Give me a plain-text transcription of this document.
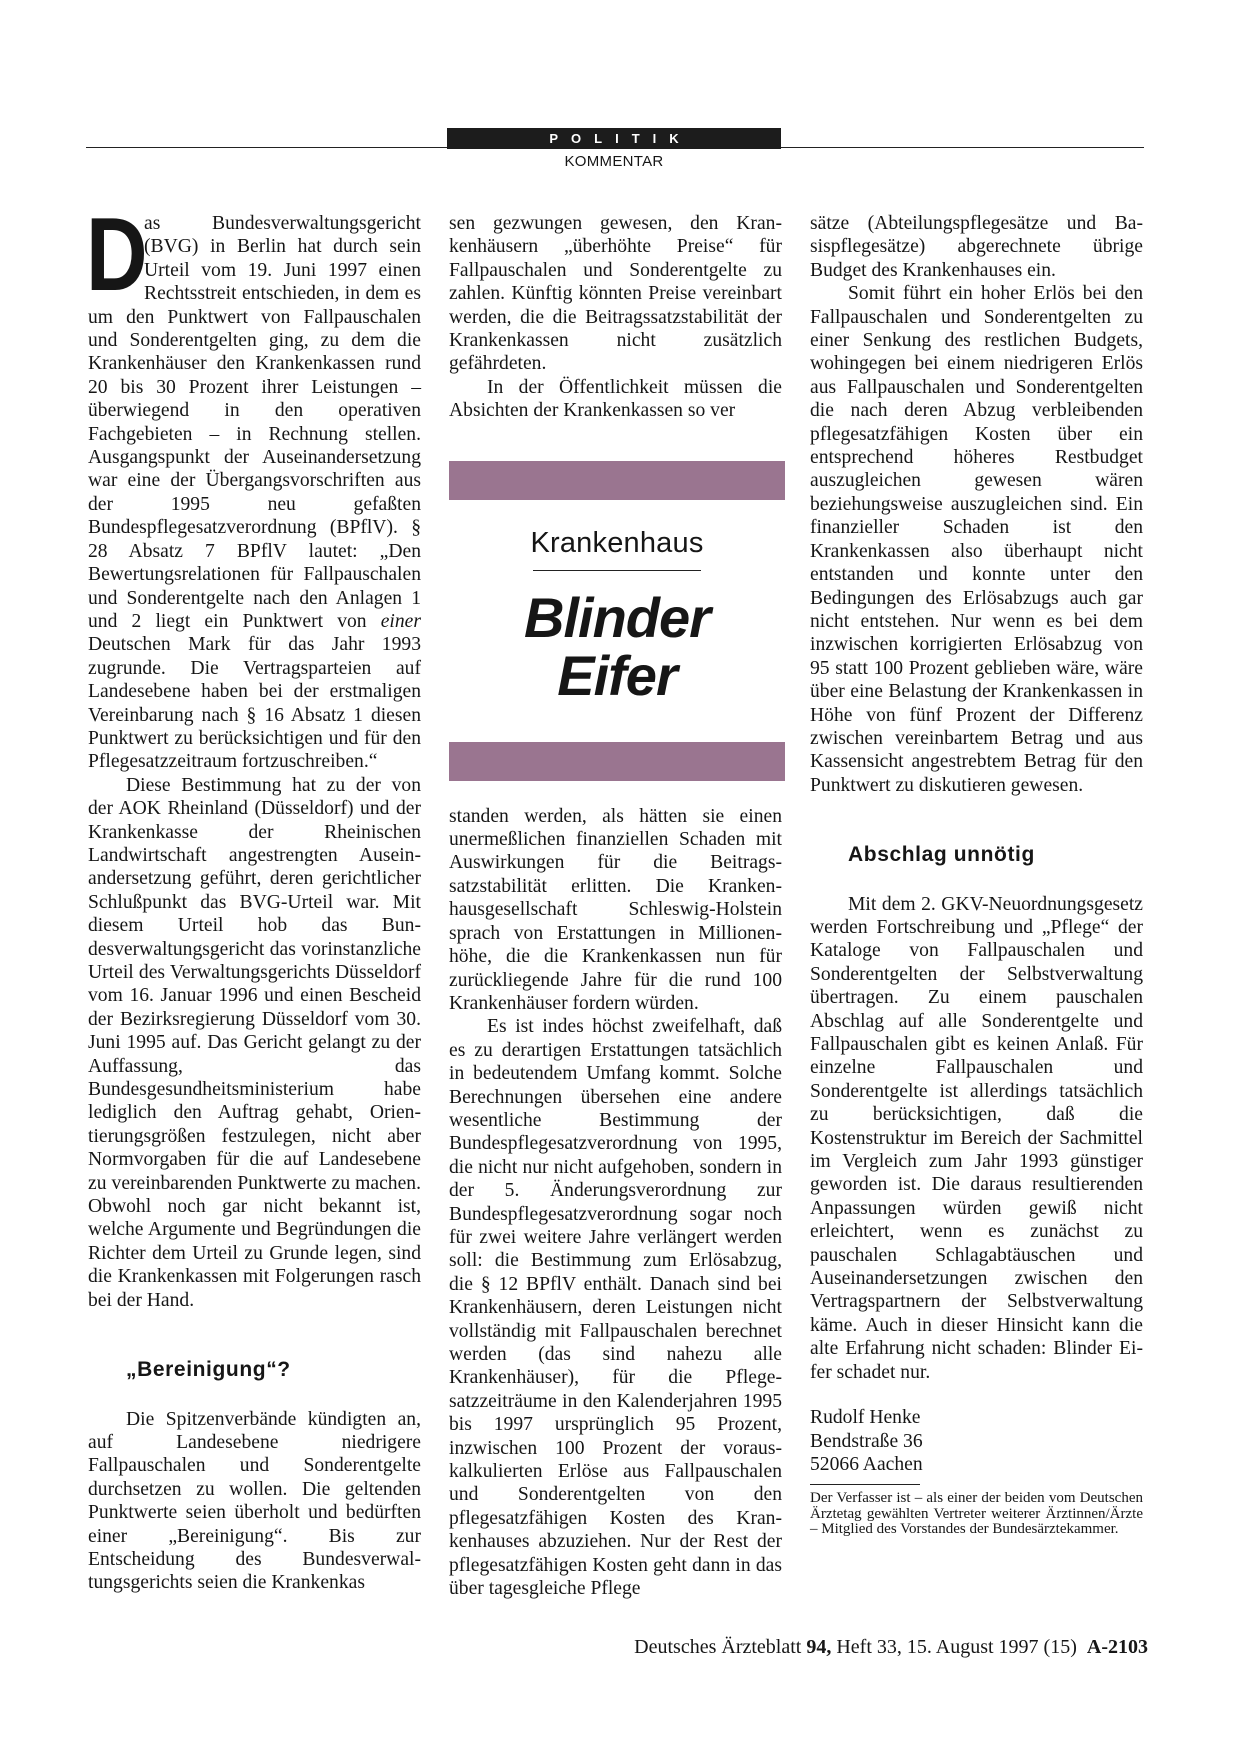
POLITIK
KOMMENTAR

D
as Bundesverwaltungsgericht (BVG) in Berlin hat durch sein Urteil vom 19. Juni 1997 einen Rechtsstreit entschieden, in dem es um den Punktwert von Fallpauschalen und Sonderentgelten ging, zu dem die Krankenhäuser den Krankenkassen rund 20 bis 30 Prozent ihrer Leistungen – überwiegend in den operativen Fachgebieten – in Rechnung stellen. Ausgangspunkt der Auseinandersetzung war eine der Übergangsvorschriften aus der 1995 neu gefaßten Bundespflegesatzverordnung (BPflV). § 28 Absatz 7 BPflV lautet: „Den Bewertungsrelationen für Fallpauschalen und Sonderentgelte nach den Anlagen 1 und 2 liegt ein Punktwert von einer Deutschen Mark für das Jahr 1993 zugrunde. Die Vertragsparteien auf Landesebene haben bei der erstmaligen Vereinbarung nach § 16 Absatz 1 diesen Punktwert zu berücksichtigen und für den Pflegesatzzeitraum fortzuschreiben.“

Diese Bestimmung hat zu der von der AOK Rheinland (Düsseldorf) und der Krankenkasse der Rheinischen Landwirtschaft angestrengten Auseinandersetzung geführt, deren gerichtlicher Schlußpunkt das BVG-Urteil war. Mit diesem Urteil hob das Bundesverwaltungsgericht das vorinstanzliche Urteil des Verwaltungsgerichts Düsseldorf vom 16. Januar 1996 und einen Bescheid der Bezirksregierung Düsseldorf vom 30. Juni 1995 auf. Das Gericht gelangt zu der Auffassung, das Bundesgesundheitsministerium habe lediglich den Auftrag gehabt, Orientierungsgrößen festzulegen, nicht aber Normvorgaben für die auf Landesebene zu vereinbarenden Punktwerte zu machen. Obwohl noch gar nicht bekannt ist, welche Argumente und Begründungen die Richter dem Urteil zu Grunde legen, sind die Krankenkassen mit Folgerungen rasch bei der Hand.

„Bereinigung“?

Die Spitzenverbände kündigten an, auf Landesebene niedrigere Fallpauschalen und Sonderentgelte durchsetzen zu wollen. Die geltenden Punktwerte seien überholt und bedürften einer „Bereinigung“. Bis zur Entscheidung des Bundesverwaltungsgerichts seien die Krankenkas

sen gezwungen gewesen, den Krankenhäusern „überhöhte Preise“ für Fallpauschalen und Sonderentgelte zu zahlen. Künftig könnten Preise vereinbart werden, die die Beitragssatzstabilität der Krankenkassen nicht zusätzlich gefährdeten.

In der Öffentlichkeit müssen die Absichten der Krankenkassen so ver

Krankenhaus
Blinder
Eifer

standen werden, als hätten sie einen unermeßlichen finanziellen Schaden mit Auswirkungen für die Beitragssatzstabilität erlitten. Die Krankenhausgesellschaft Schleswig-Holstein sprach von Erstattungen in Millionenhöhe, die die Krankenkassen nun für zurückliegende Jahre für die rund 100 Krankenhäuser fordern würden.

Es ist indes höchst zweifelhaft, daß es zu derartigen Erstattungen tatsächlich in bedeutendem Umfang kommt. Solche Berechnungen übersehen eine andere wesentliche Bestimmung der Bundespflegesatzverordnung von 1995, die nicht nur nicht aufgehoben, sondern in der 5. Änderungsverordnung zur Bundespflegesatzverordnung sogar noch für zwei weitere Jahre verlängert werden soll: die Bestimmung zum Erlösabzug, die § 12 BPflV enthält. Danach sind bei Krankenhäusern, deren Leistungen nicht vollständig mit Fallpauschalen berechnet werden (das sind nahezu alle Krankenhäuser), für die Pflegesatzzeiträume in den Kalenderjahren 1995 bis 1997 ursprünglich 95 Prozent, inzwischen 100 Prozent der vorauskalkulierten Erlöse aus Fallpauschalen und Sonderentgelten von den pflegesatzfähigen Kosten des Krankenhauses abzuziehen. Nur der Rest der pflegesatzfähigen Kosten geht dann in das über tagesgleiche Pflege

sätze (Abteilungspflegesätze und Basispflegesätze) abgerechnete übrige Budget des Krankenhauses ein.

Somit führt ein hoher Erlös bei den Fallpauschalen und Sonderentgelten zu einer Senkung des restlichen Budgets, wohingegen bei einem niedrigeren Erlös aus Fallpauschalen und Sonderentgelten die nach deren Abzug verbleibenden pflegesatzfähigen Kosten über ein entsprechend höheres Restbudget auszugleichen gewesen wären beziehungsweise auszugleichen sind. Ein finanzieller Schaden ist den Krankenkassen also überhaupt nicht entstanden und konnte unter den Bedingungen des Erlösabzugs auch gar nicht entstehen. Nur wenn es bei dem inzwischen korrigierten Erlösabzug von 95 statt 100 Prozent geblieben wäre, wäre über eine Belastung der Krankenkassen in Höhe von fünf Prozent der Differenz zwischen vereinbartem Betrag und aus Kassensicht angestrebtem Betrag für den Punktwert zu diskutieren gewesen.

Abschlag unnötig

Mit dem 2. GKV-Neuordnungsgesetz werden Fortschreibung und „Pflege“ der Kataloge von Fallpauschalen und Sonderentgelten der Selbstverwaltung übertragen. Zu einem pauschalen Abschlag auf alle Sonderentgelte und Fallpauschalen gibt es keinen Anlaß. Für einzelne Fallpauschalen und Sonderentgelte ist allerdings tatsächlich zu berücksichtigen, daß die Kostenstruktur im Bereich der Sachmittel im Vergleich zum Jahr 1993 günstiger geworden ist. Die daraus resultierenden Anpassungen würden gewiß nicht erleichtert, wenn es zunächst zu pauschalen Schlagabtäuschen und Auseinandersetzungen zwischen den Vertragspartnern der Selbstverwaltung käme. Auch in dieser Hinsicht kann die alte Erfahrung nicht schaden: Blinder Eifer schadet nur.

Rudolf Henke
Bendstraße 36
52066 Aachen
Der Verfasser ist – als einer der beiden vom Deutschen Ärztetag gewählten Vertreter weiterer Ärztinnen/Ärzte – Mitglied des Vorstandes der Bundesärztekammer.
Deutsches Ärzteblatt 94, Heft 33, 15. August 1997 (15) A-2103
